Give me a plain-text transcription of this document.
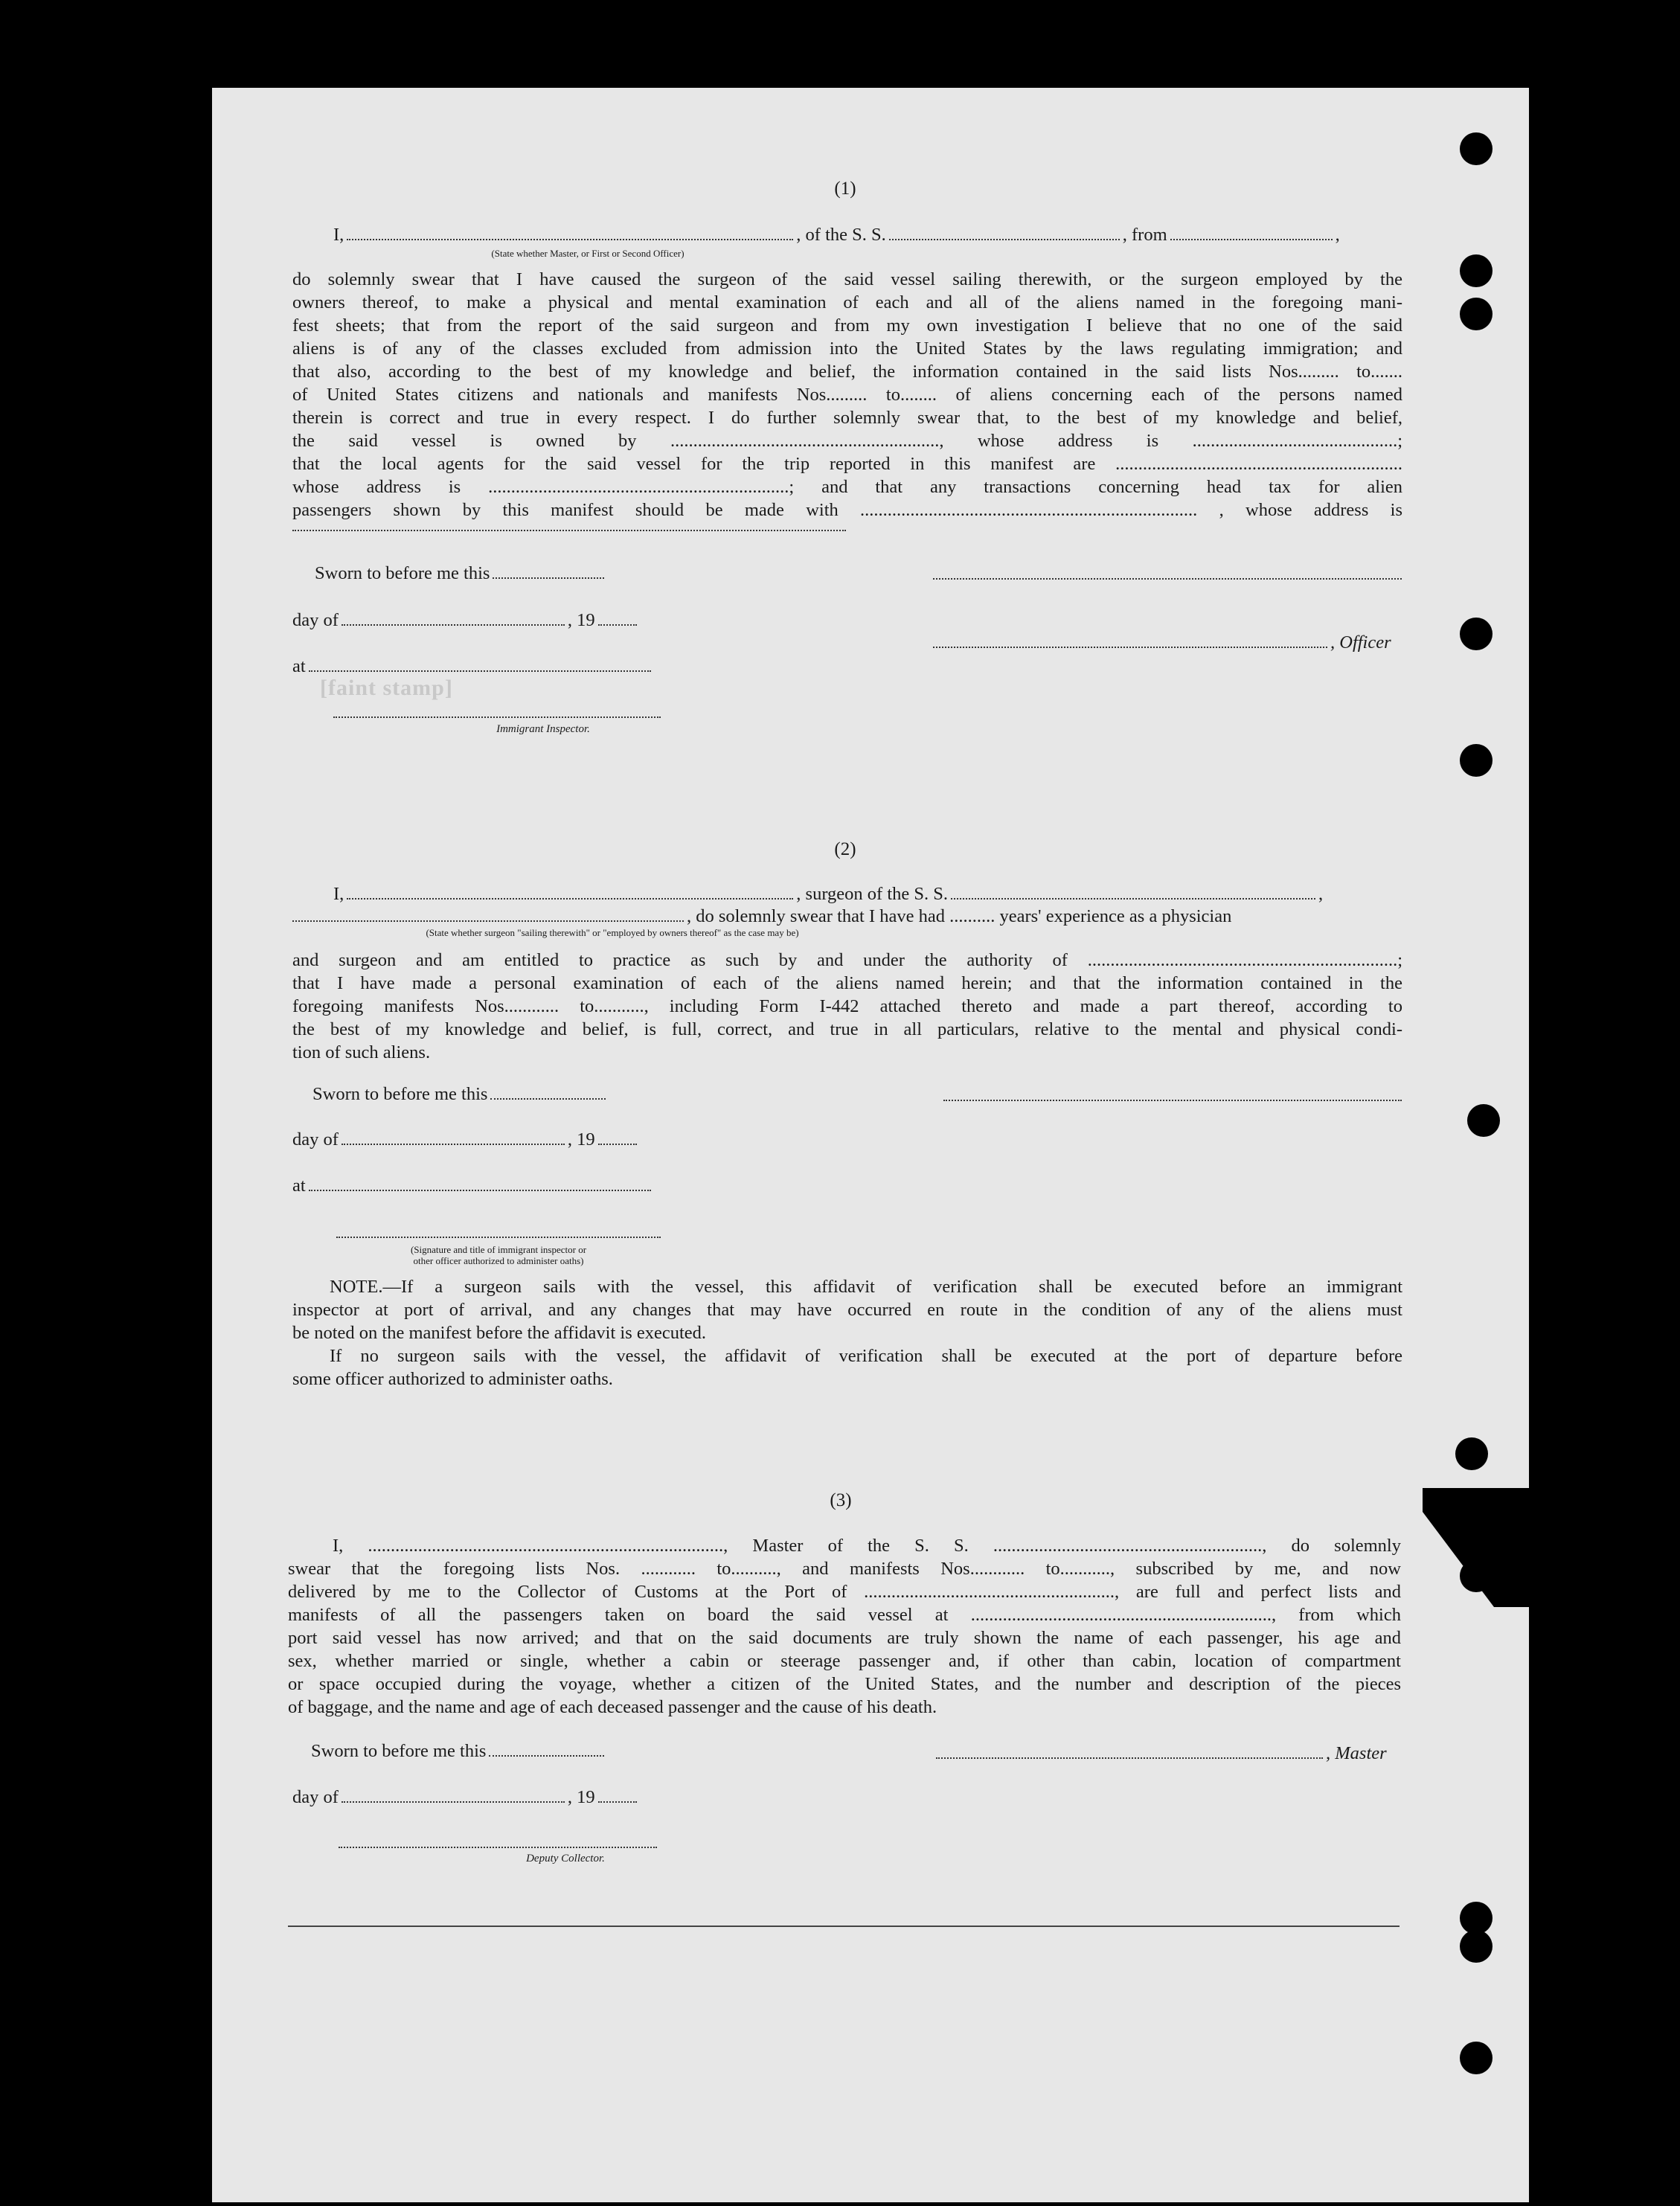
(1)
I,	, of the S. S.	, from	,
(State whether Master, or First or Second Officer)
do solemnly swear that I have caused the surgeon of the said vessel sailing therewith, or the surgeon employed by the
owners thereof, to make a physical and mental examination of each and all of the aliens named in the foregoing mani-
fest sheets; that from the report of the said surgeon and from my own investigation I believe that no one of the said
aliens is of any of the classes excluded from admission into the United States by the laws regulating immigration; and
that also, according to the best of my knowledge and belief, the information contained in the said lists Nos......... to.......
of United States citizens and nationals and manifests Nos......... to........ of aliens concerning each of the persons named
therein is correct and true in every respect. I do further solemnly swear that, to the best of my knowledge and belief,
the said vessel is owned by ..........................................................., whose address is .............................................;
that the local agents for the said vessel for the trip reported in this manifest are ...............................................................
whose address is ..................................................................; and that any transactions concerning head tax for alien
passengers shown by this manifest should be made with .......................................................................... , whose address is
Sworn to before me this
day of	, 19
, Officer
at
[faint stamp]
Immigrant Inspector.
(2)
I,	, surgeon of the S. S.	,
, do solemnly swear that I have had .......... years' experience as a physician
(State whether surgeon "sailing therewith" or "employed by owners thereof" as the case may be)
and surgeon and am entitled to practice as such by and under the authority of ....................................................................;
that I have made a personal examination of each of the aliens named herein; and that the information contained in the
foregoing manifests Nos............ to..........., including Form I-442 attached thereto and made a part thereof, according to
the best of my knowledge and belief, is full, correct, and true in all particulars, relative to the mental and physical condi-
tion of such aliens.
Sworn to before me this
day of	, 19
at
(Signature and title of immigrant inspector or
other officer authorized to administer oaths)
NOTE.—If a surgeon sails with the vessel, this affidavit of verification shall be executed before an immigrant
inspector at port of arrival, and any changes that may have occurred en route in the condition of any of the aliens must
be noted on the manifest before the affidavit is executed.
If no surgeon sails with the vessel, the affidavit of verification shall be executed at the port of departure before
some officer authorized to administer oaths.
(3)
I, .............................................................................., Master of the S. S. ..........................................................., do solemnly
swear that the foregoing lists Nos. ............ to.........., and manifests Nos............ to..........., subscribed by me, and now
delivered by me to the Collector of Customs at the Port of ......................................................., are full and perfect lists and
manifests of all the passengers taken on board the said vessel at .................................................................., from which
port said vessel has now arrived; and that on the said documents are truly shown the name of each passenger, his age and
sex, whether married or single, whether a cabin or steerage passenger and, if other than cabin, location of compartment
or space occupied during the voyage, whether a citizen of the United States, and the number and description of the pieces
of baggage, and the name and age of each deceased passenger and the cause of his death.
Sworn to before me this	, Master
day of	, 19
Deputy Collector.
